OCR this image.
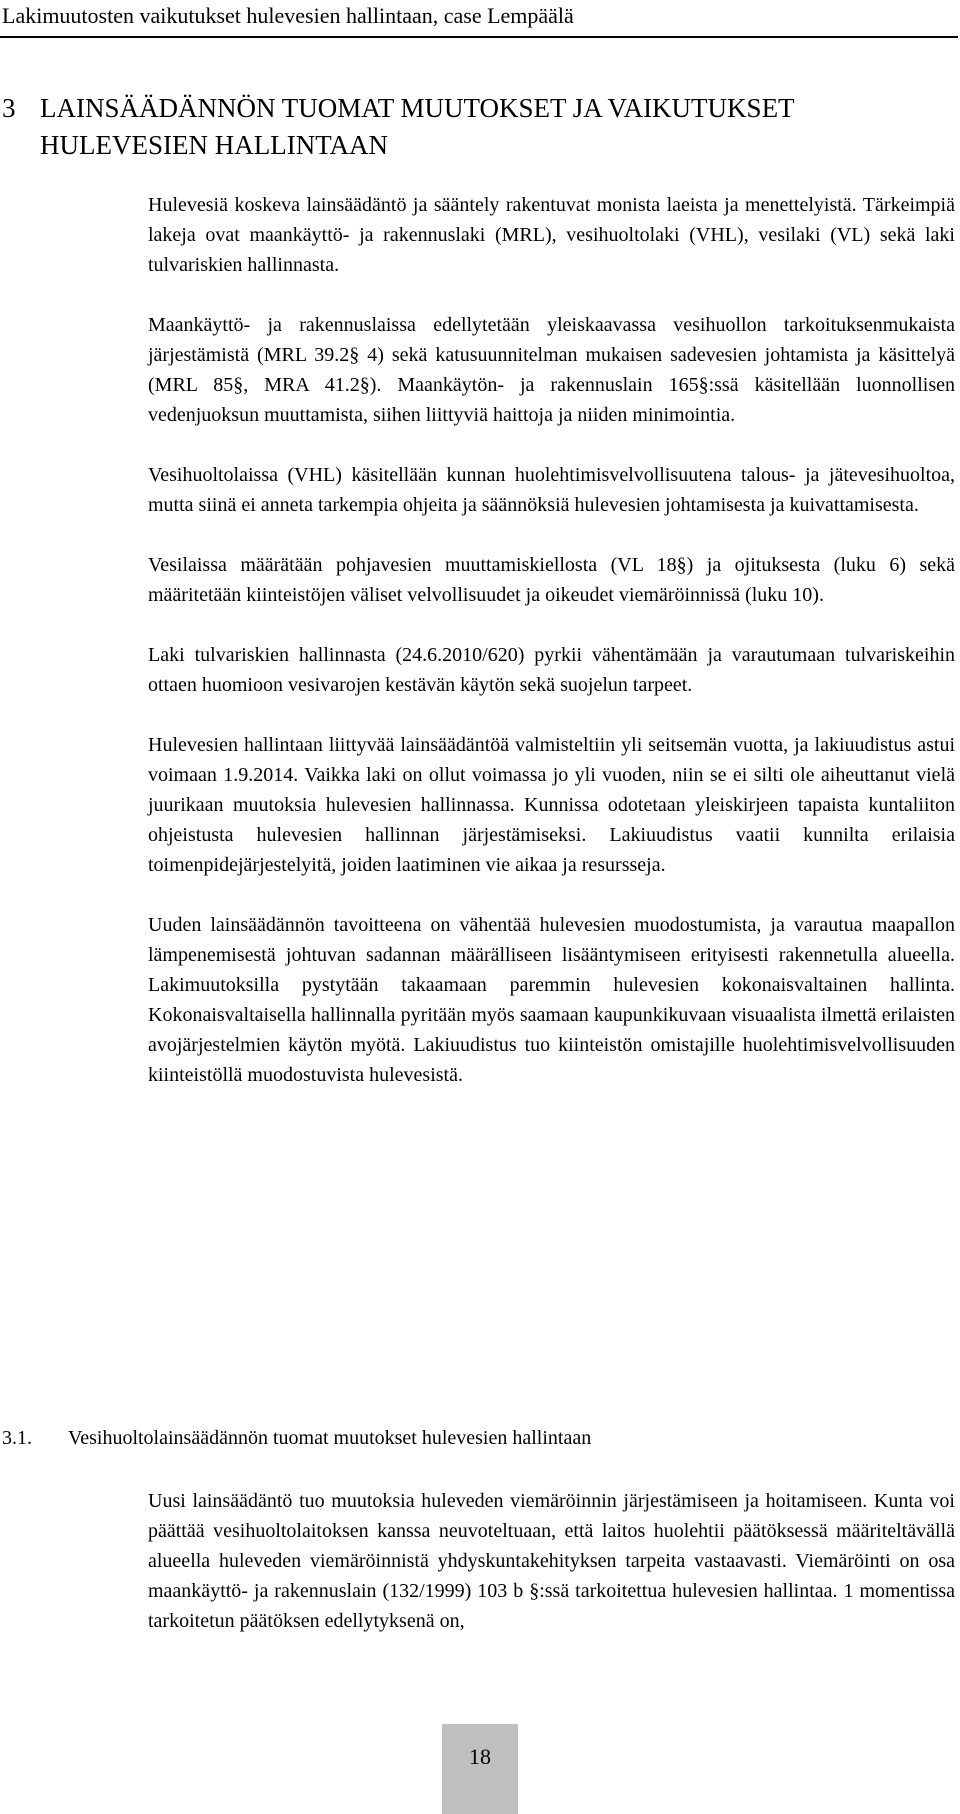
Lakimuutosten vaikutukset hulevesien hallintaan, case Lempäälä
3 LAINSÄÄDÄNNÖN TUOMAT MUUTOKSET JA VAIKUTUKSET HULEVESIEN HALLINTAAN

Hulevesiä koskeva lainsäädäntö ja sääntely rakentuvat monista laeista ja menettelyistä. Tärkeimpiä lakeja ovat maankäyttö- ja rakennuslaki (MRL), vesihuoltolaki (VHL), vesilaki (VL) sekä laki tulvariskien hallinnasta.

Maankäyttö- ja rakennuslaissa edellytetään yleiskaavassa vesihuollon tarkoituksenmukaista järjestämistä (MRL 39.2§ 4) sekä katusuunnitelman mukaisen sadevesien johtamista ja käsittelyä (MRL 85§, MRA 41.2§). Maankäytön- ja rakennuslain 165§:ssä käsitellään luonnollisen vedenjuoksun muuttamista, siihen liittyviä haittoja ja niiden minimointia.

Vesihuoltolaissa (VHL) käsitellään kunnan huolehtimisvelvollisuutena talous- ja jätevesihuoltoa, mutta siinä ei anneta tarkempia ohjeita ja säännöksiä hulevesien johtamisesta ja kuivattamisesta.

Vesilaissa määrätään pohjavesien muuttamiskiellosta (VL 18§) ja ojituksesta (luku 6) sekä määritetään kiinteistöjen väliset velvollisuudet ja oikeudet viemäröinnissä (luku 10).

Laki tulvariskien hallinnasta (24.6.2010/620) pyrkii vähentämään ja varautumaan tulvariskeihin ottaen huomioon vesivarojen kestävän käytön sekä suojelun tarpeet.

Hulevesien hallintaan liittyvää lainsäädäntöä valmisteltiin yli seitsemän vuotta, ja lakiuudistus astui voimaan 1.9.2014. Vaikka laki on ollut voimassa jo yli vuoden, niin se ei silti ole aiheuttanut vielä juurikaan muutoksia hulevesien hallinnassa. Kunnissa odotetaan yleiskirjeen tapaista kuntaliiton ohjeistusta hulevesien hallinnan järjestämiseksi. Lakiuudistus vaatii kunnilta erilaisia toimenpidejärjestelyitä, joiden laatiminen vie aikaa ja resursseja.

Uuden lainsäädännön tavoitteena on vähentää hulevesien muodostumista, ja varautua maapallon lämpenemisestä johtuvan sadannan määrälliseen lisääntymiseen erityisesti rakennetulla alueella. Lakimuutoksilla pystytään takaamaan paremmin hulevesien kokonaisvaltainen hallinta. Kokonaisvaltaisella hallinnalla pyritään myös saamaan kaupunkikuvaan visuaalista ilmettä erilaisten avojärjestelmien käytön myötä. Lakiuudistus tuo kiinteistön omistajille huolehtimisvelvollisuuden kiinteistöllä muodostuvista hulevesistä.

3.1. Vesihuoltolainsäädännön tuomat muutokset hulevesien hallintaan

Uusi lainsäädäntö tuo muutoksia huleveden viemäröinnin järjestämiseen ja hoitamiseen. Kunta voi päättää vesihuoltolaitoksen kanssa neuvoteltuaan, että laitos huolehtii päätöksessä määriteltävällä alueella huleveden viemäröinnistä yhdyskuntakehityksen tarpeita vastaavasti. Viemäröinti on osa maankäyttö- ja rakennuslain (132/1999) 103 b §:ssä tarkoitettua hulevesien hallintaa. 1 momentissa tarkoitetun päätöksen edellytyksenä on,

18
